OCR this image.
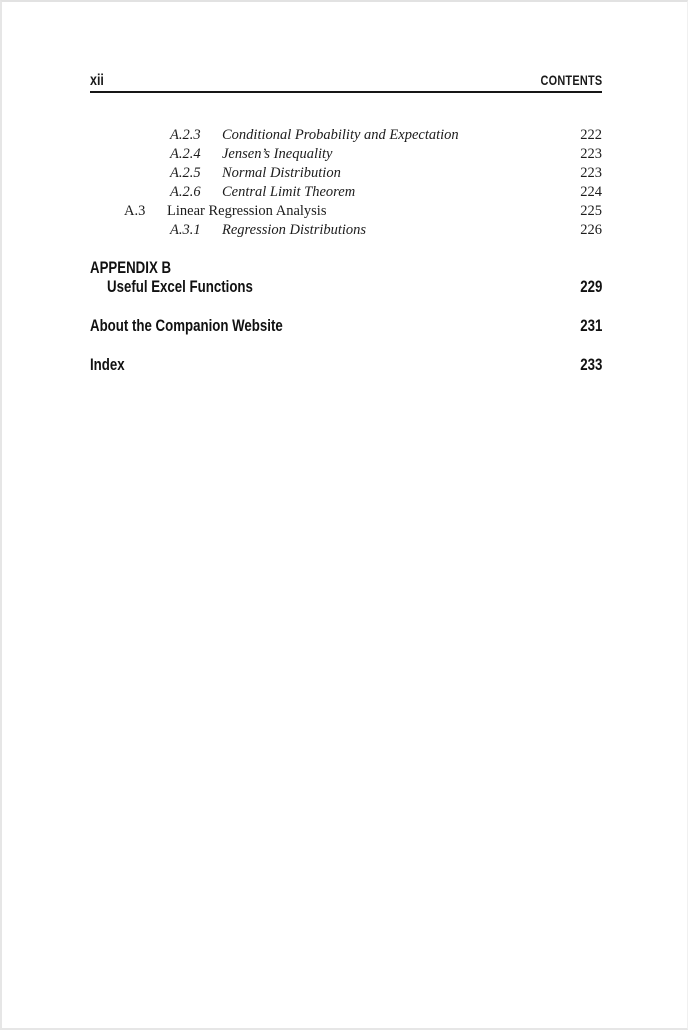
xii	CONTENTS
A.2.3	Conditional Probability and Expectation	222
A.2.4	Jensen’s Inequality	223
A.2.5	Normal Distribution	223
A.2.6	Central Limit Theorem	224
A.3	Linear Regression Analysis	225
A.3.1	Regression Distributions	226
APPENDIX B
Useful Excel Functions	229
About the Companion Website	231
Index	233
